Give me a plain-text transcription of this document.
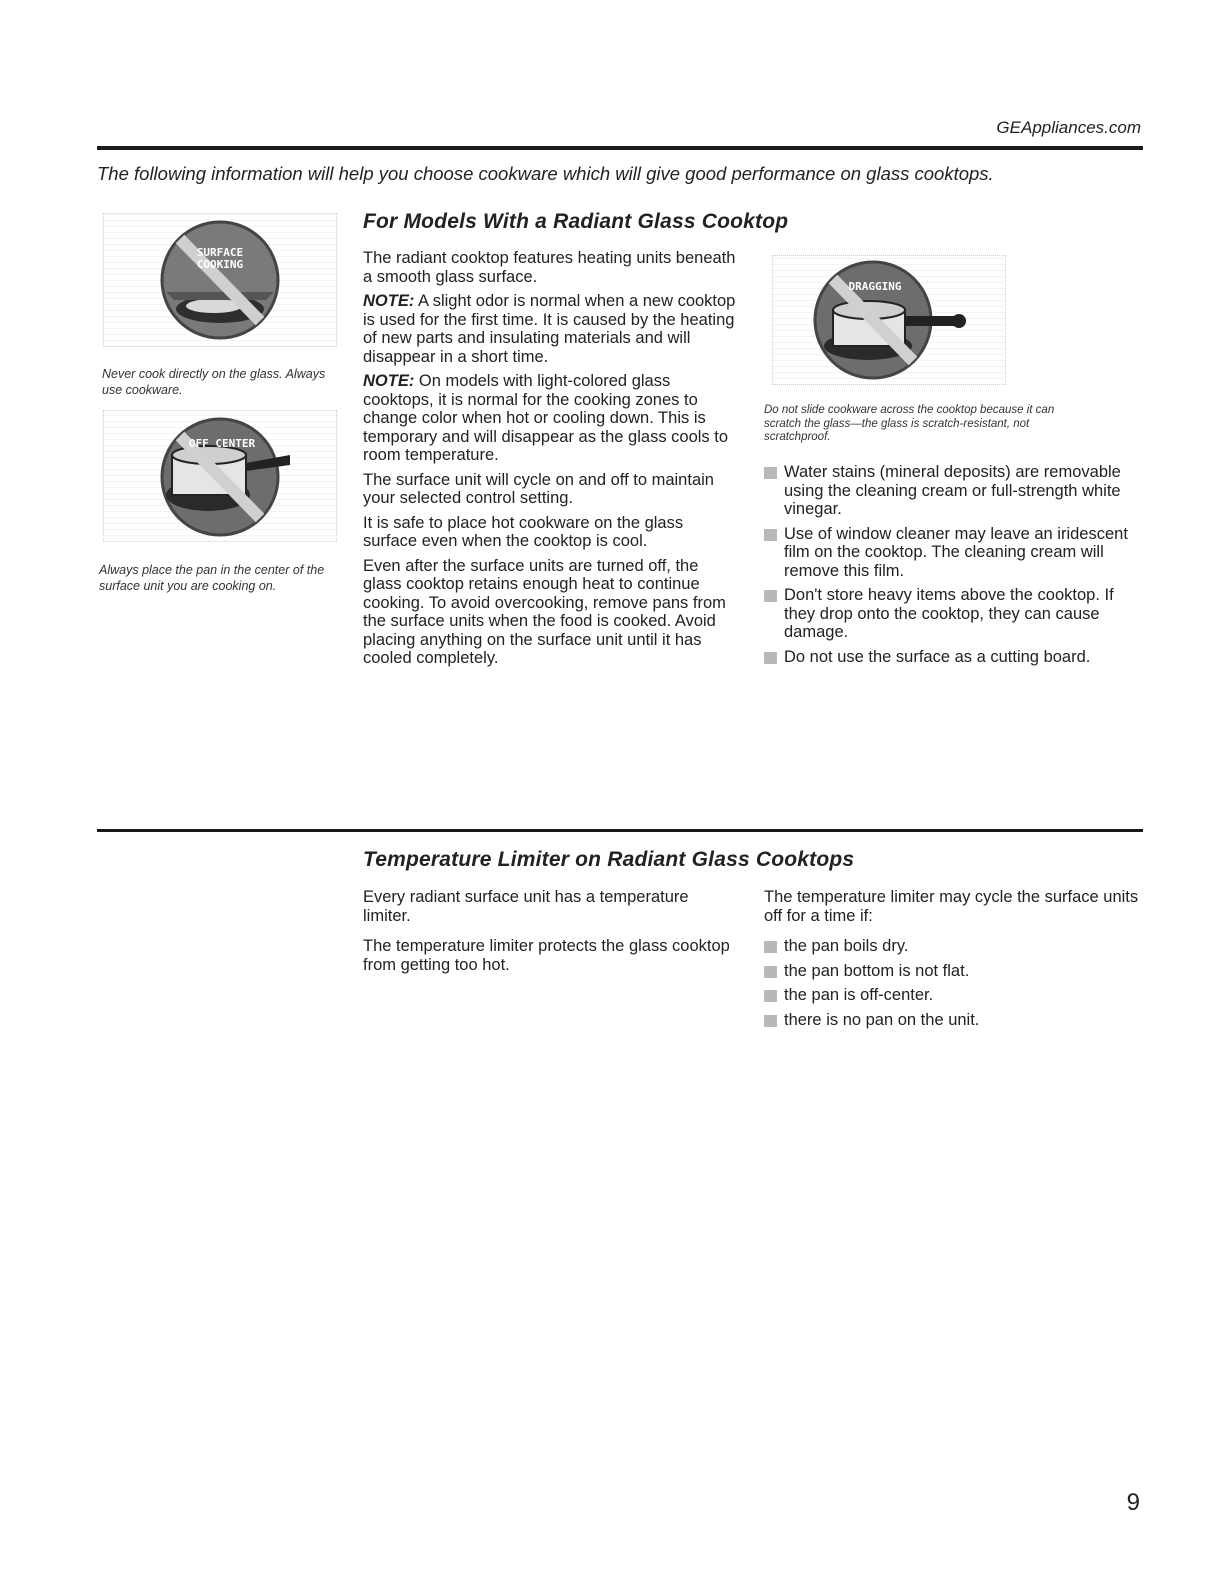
GEAppliances.com
The following information will help you choose cookware which will give good performance on glass cooktops.
SURFACE
COOKING
Never cook directly on the glass. Always use cookware.
OFF CENTER
Always place the pan in the center of the surface unit you are cooking on.
For Models With a Radiant Glass Cooktop

The radiant cooktop features heating units beneath a smooth glass surface.

NOTE: A slight odor is normal when a new cooktop is used for the first time. It is caused by the heating of new parts and insulating materials and will disappear in a short time.

NOTE: On models with light-colored glass cooktops, it is normal for the cooking zones to change color when hot or cooling down. This is temporary and will disappear as the glass cools to room temperature.

The surface unit will cycle on and off to maintain your selected control setting.

It is safe to place hot cookware on the glass surface even when the cooktop is cool.

Even after the surface units are turned off, the glass cooktop retains enough heat to continue cooking. To avoid overcooking, remove pans from the surface units when the food is cooked. Avoid placing anything on the surface unit until it has cooled completely.

DRAGGING
Do not slide cookware across the cooktop because it can scratch the glass—the glass is scratch-resistant, not scratchproof.
Water stains (mineral deposits) are removable using the cleaning cream or full-strength white vinegar.
Use of window cleaner may leave an iridescent film on the cooktop. The cleaning cream will remove this film.
Don't store heavy items above the cooktop. If they drop onto the cooktop, they can cause damage.
Do not use the surface as a cutting board.
Temperature Limiter on Radiant Glass Cooktops

Every radiant surface unit has a temperature limiter.

The temperature limiter protects the glass cooktop from getting too hot.

The temperature limiter may cycle the surface units off for a time if:

the pan boils dry.
the pan bottom is not flat.
the pan is off-center.
there is no pan on the unit.
9
